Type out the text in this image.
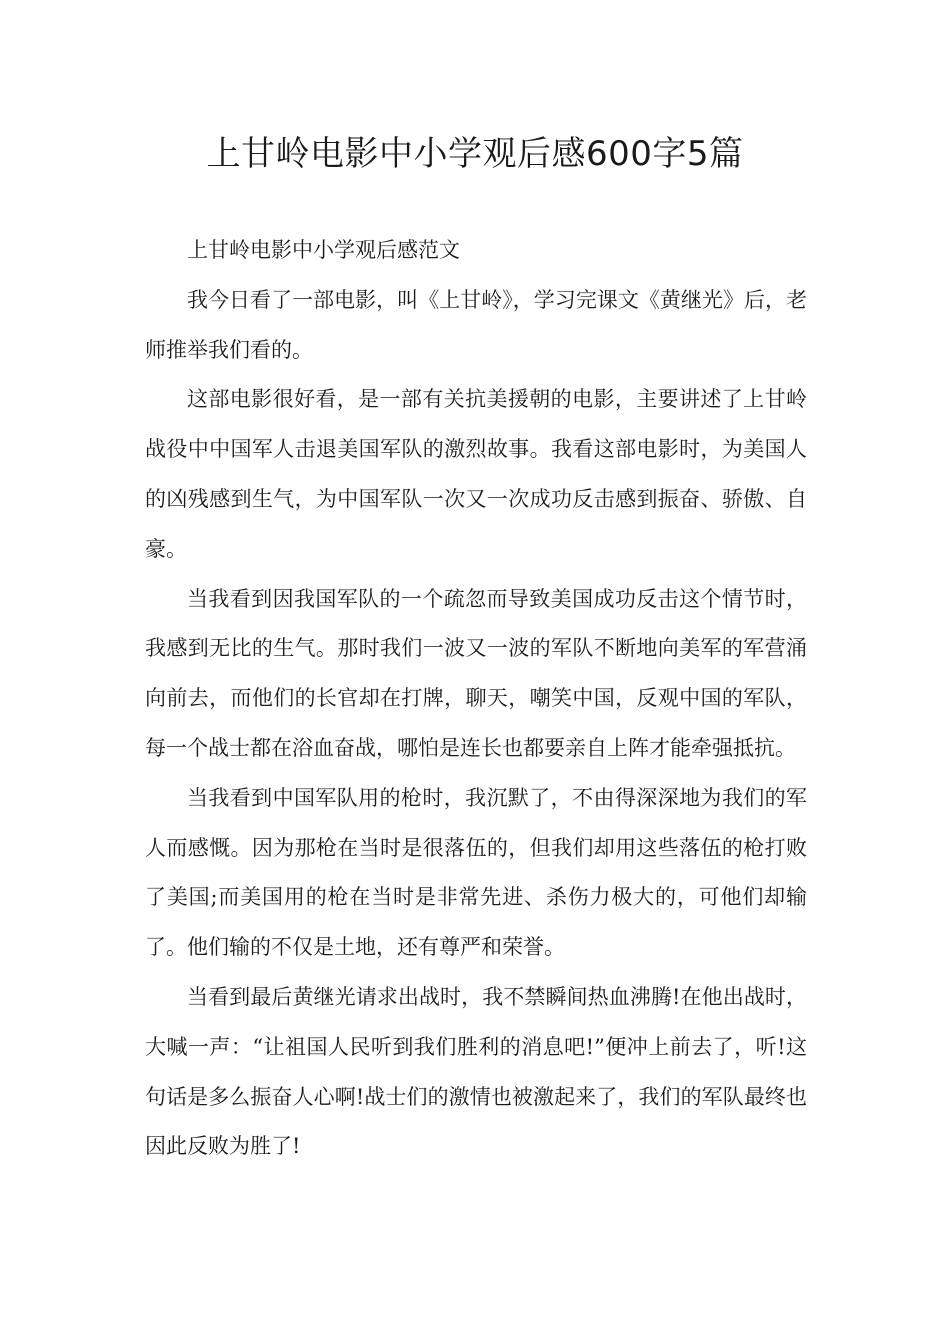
上甘岭电影中小学观后感600字5篇

上甘岭电影中小学观后感范文

我今日看了一部电影，叫《上甘岭》，学习完课文《黄继光》后，老师推举我们看的。

这部电影很好看，是一部有关抗美援朝的电影，主要讲述了上甘岭战役中中国军人击退美国军队的激烈故事。我看这部电影时，为美国人的凶残感到生气，为中国军队一次又一次成功反击感到振奋、骄傲、自豪。

当我看到因我国军队的一个疏忽而导致美国成功反击这个情节时，我感到无比的生气。那时我们一波又一波的军队不断地向美军的军营涌向前去，而他们的长官却在打牌，聊天，嘲笑中国，反观中国的军队，每一个战士都在浴血奋战，哪怕是连长也都要亲自上阵才能牵强抵抗。

当我看到中国军队用的枪时，我沉默了，不由得深深地为我们的军人而感慨。因为那枪在当时是很落伍的，但我们却用这些落伍的枪打败了美国;而美国用的枪在当时是非常先进、杀伤力极大的，可他们却输了。他们输的不仅是土地，还有尊严和荣誉。

当看到最后黄继光请求出战时，我不禁瞬间热血沸腾!在他出战时，大喊一声：“让祖国人民听到我们胜利的消息吧!”便冲上前去了，听!这句话是多么振奋人心啊!战士们的激情也被激起来了，我们的军队最终也因此反败为胜了!
